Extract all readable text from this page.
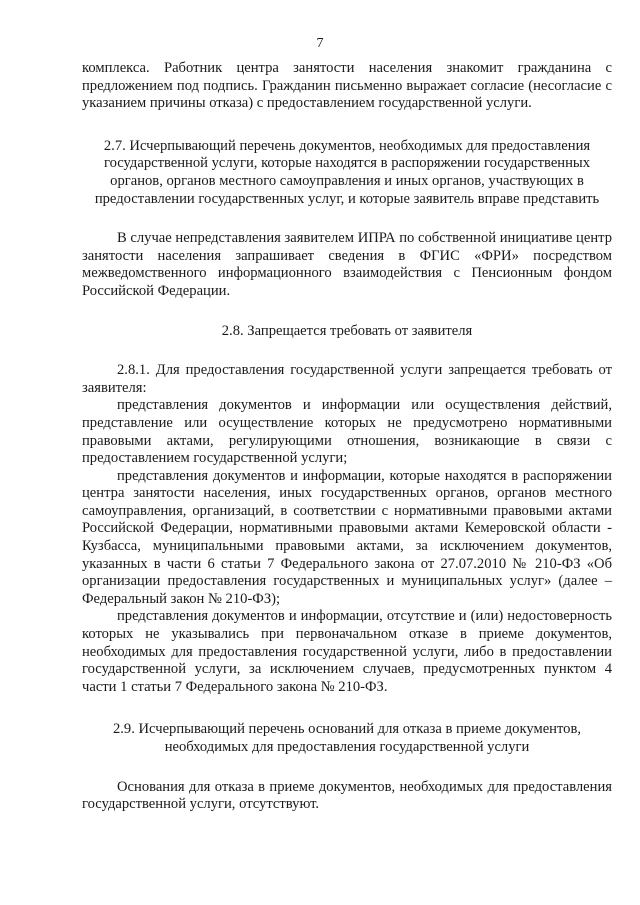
7

комплекса. Работник центра занятости населения знакомит гражданина с предложением под подпись. Гражданин письменно выражает согласие (несогласие с указанием причины отказа) с предоставлением государственной услуги.

2.7. Исчерпывающий перечень документов, необходимых для предоставления государственной услуги, которые находятся в распоряжении государственных органов, органов местного самоуправления и иных органов, участвующих в предоставлении государственных услуг, и которые заявитель вправе представить

В случае непредставления заявителем ИПРА по собственной инициативе центр занятости населения запрашивает сведения в ФГИС «ФРИ» посредством межведомственного информационного взаимодействия с Пенсионным фондом Российской Федерации.

2.8. Запрещается требовать от заявителя

2.8.1. Для предоставления государственной услуги запрещается требовать от заявителя:

представления документов и информации или осуществления действий, представление или осуществление которых не предусмотрено нормативными правовыми актами, регулирующими отношения, возникающие в связи с предоставлением государственной услуги;

представления документов и информации, которые находятся в распоряжении центра занятости населения, иных государственных органов, органов местного самоуправления, организаций, в соответствии с нормативными правовыми актами Российской Федерации, нормативными правовыми актами Кемеровской области - Кузбасса, муниципальными правовыми актами, за исключением документов, указанных в части 6 статьи 7 Федерального закона от 27.07.2010 № 210-ФЗ «Об организации предоставления государственных и муниципальных услуг» (далее – Федеральный закон № 210-ФЗ);

представления документов и информации, отсутствие и (или) недостоверность которых не указывались при первоначальном отказе в приеме документов, необходимых для предоставления государственной услуги, либо в предоставлении государственной услуги, за исключением случаев, предусмотренных пунктом 4 части 1 статьи 7 Федерального закона № 210-ФЗ.

2.9. Исчерпывающий перечень оснований для отказа в приеме документов, необходимых для предоставления государственной услуги

Основания для отказа в приеме документов, необходимых для предоставления государственной услуги, отсутствуют.
